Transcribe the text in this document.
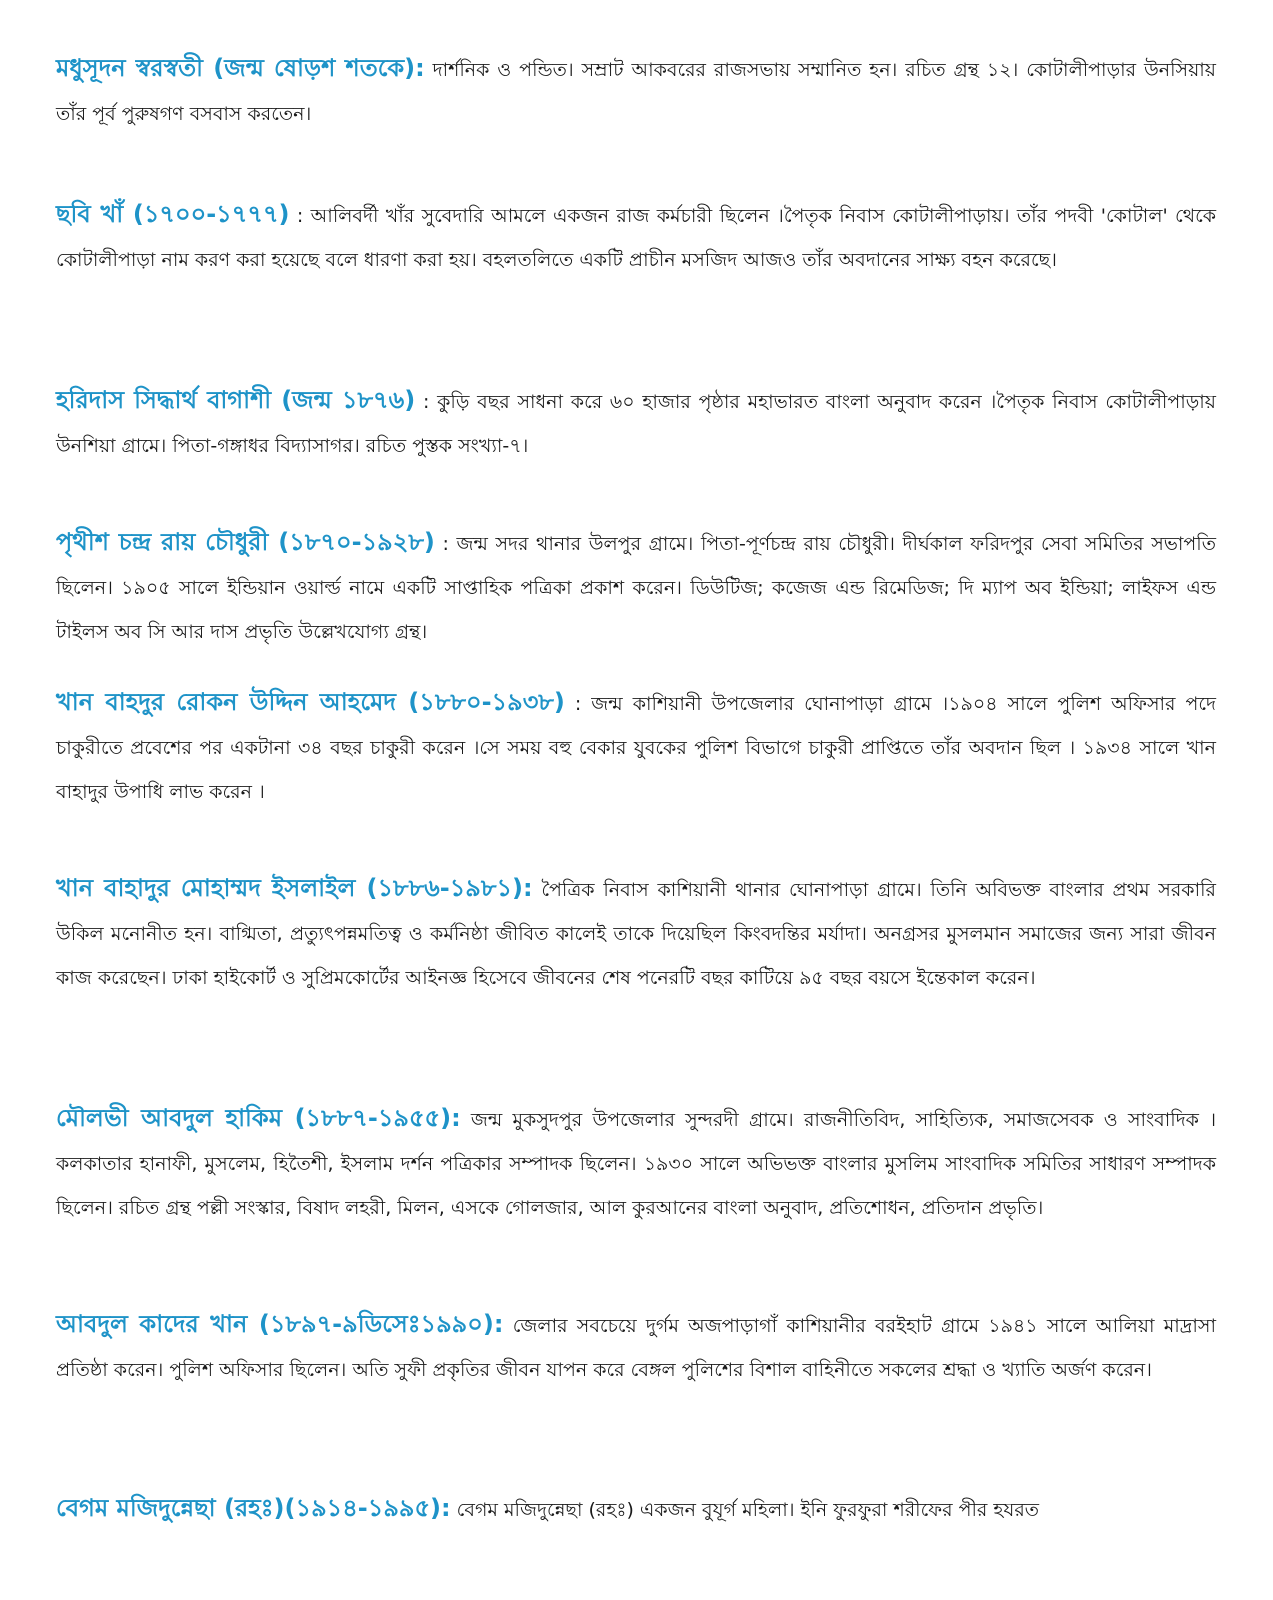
মধুসূদন স্বরস্বতী (জন্ম ষোড়শ শতকে): দার্শনিক ও পন্ডিত। সম্রাট আকবরের রাজসভায় সম্মানিত হন। রচিত গ্রন্থ ১২। কোটালীপাড়ার উনসিয়ায় তাঁর পূর্ব পুরুষগণ বসবাস করতেন।

ছবি খাঁ (১৭০০-১৭৭৭) : আলিবর্দী খাঁর সুবেদারি আমলে একজন রাজ কর্মচারী ছিলেন ।পৈতৃক নিবাস কোটালীপাড়ায়। তাঁর পদবী 'কোটাল' থেকে কোটালীপাড়া নাম করণ করা হয়েছে বলে ধারণা করা হয়। বহলতলিতে একটি প্রাচীন মসজিদ আজও তাঁর অবদানের সাক্ষ্য বহন করেছে।

হরিদাস সিদ্ধার্থ বাগাশী (জন্ম ১৮৭৬) : কুড়ি বছর সাধনা করে ৬০ হাজার পৃষ্ঠার মহাভারত বাংলা অনুবাদ করেন ।পৈতৃক নিবাস কোটালীপাড়ায় উনশিয়া গ্রামে। পিতা-গঙ্গাধর বিদ্যাসাগর। রচিত পুস্তক সংখ্যা-৭।

পৃথীশ চন্দ্র রায় চৌধুরী (১৮৭০-১৯২৮) : জন্ম সদর থানার উলপুর গ্রামে। পিতা-পূর্ণচন্দ্র রায় চৌধুরী। দীর্ঘকাল ফরিদপুর সেবা সমিতির সভাপতি ছিলেন। ১৯০৫ সালে ইন্ডিয়ান ওয়ার্ল্ড নামে একটি সাপ্তাহিক পত্রিকা প্রকাশ করেন। ডিউটিজ; কজেজ এন্ড রিমেডিজ; দি ম্যাপ অব ইন্ডিয়া; লাইফস এন্ড টাইলস অব সি আর দাস প্রভৃতি উল্লেখযোগ্য গ্রন্থ।

খান বাহদুর রোকন উদ্দিন আহমেদ (১৮৮০-১৯৩৮) : জন্ম কাশিয়ানী উপজেলার ঘোনাপাড়া গ্রামে ।১৯০৪ সালে পুলিশ অফিসার পদে চাকুরীতে প্রবেশের পর একটানা ৩৪ বছর চাকুরী করেন ।সে সময় বহু বেকার যুবকের পুলিশ বিভাগে চাকুরী প্রাপ্তিতে তাঁর অবদান ছিল । ১৯৩৪ সালে খান বাহাদুর উপাধি লাভ করেন ।

খান বাহাদুর মোহাম্মদ ইসলাইল (১৮৮৬-১৯৮১): পৈত্রিক নিবাস কাশিয়ানী থানার ঘোনাপাড়া গ্রামে। তিনি অবিভক্ত বাংলার প্রথম সরকারি উকিল মনোনীত হন। বাগ্মিতা, প্রত্যুৎপন্নমতিত্ব ও কর্মনিষ্ঠা জীবিত কালেই তাকে দিয়েছিল কিংবদন্তির মর্যাদা। অনগ্রসর মুসলমান সমাজের জন্য সারা জীবন কাজ করেছেন। ঢাকা হাইকোর্ট ও সুপ্রিমকোর্টের আইনজ্ঞ হিসেবে জীবনের শেষ পনেরটি বছর কাটিয়ে ৯৫ বছর বয়সে ইন্তেকাল করেন।

মৌলভী আবদুল হাকিম (১৮৮৭-১৯৫৫): জন্ম মুকসুদপুর উপজেলার সুন্দরদী গ্রামে। রাজনীতিবিদ, সাহিত্যিক, সমাজসেবক ও সাংবাদিক । কলকাতার হানাফী, মুসলেম, হিতৈশী, ইসলাম দর্শন পত্রিকার সম্পাদক ছিলেন। ১৯৩০ সালে অভিভক্ত বাংলার মুসলিম সাংবাদিক সমিতির সাধারণ সম্পাদক ছিলেন। রচিত গ্রন্থ পল্লী সংস্কার, বিষাদ লহরী, মিলন, এসকে গোলজার, আল কুরআনের বাংলা অনুবাদ, প্রতিশোধন, প্রতিদান প্রভৃতি।

আবদুল কাদের খান (১৮৯৭-৯ডিসেঃ১৯৯০): জেলার সবচেয়ে দুর্গম অজপাড়াগাঁ কাশিয়ানীর বরইহাট গ্রামে ১৯৪১ সালে আলিয়া মাদ্রাসা প্রতিষ্ঠা করেন। পুলিশ অফিসার ছিলেন। অতি সুফী প্রকৃতির জীবন যাপন করে বেঙ্গল পুলিশের বিশাল বাহিনীতে সকলের শ্রদ্ধা ও খ্যাতি অর্জণ করেন।

বেগম মজিদুন্নেছা (রহঃ)(১৯১৪-১৯৯৫): বেগম মজিদুন্নেছা (রহঃ) একজন বুযূর্গ মহিলা। ইনি ফুরফুরা শরীফের পীর হযরত
